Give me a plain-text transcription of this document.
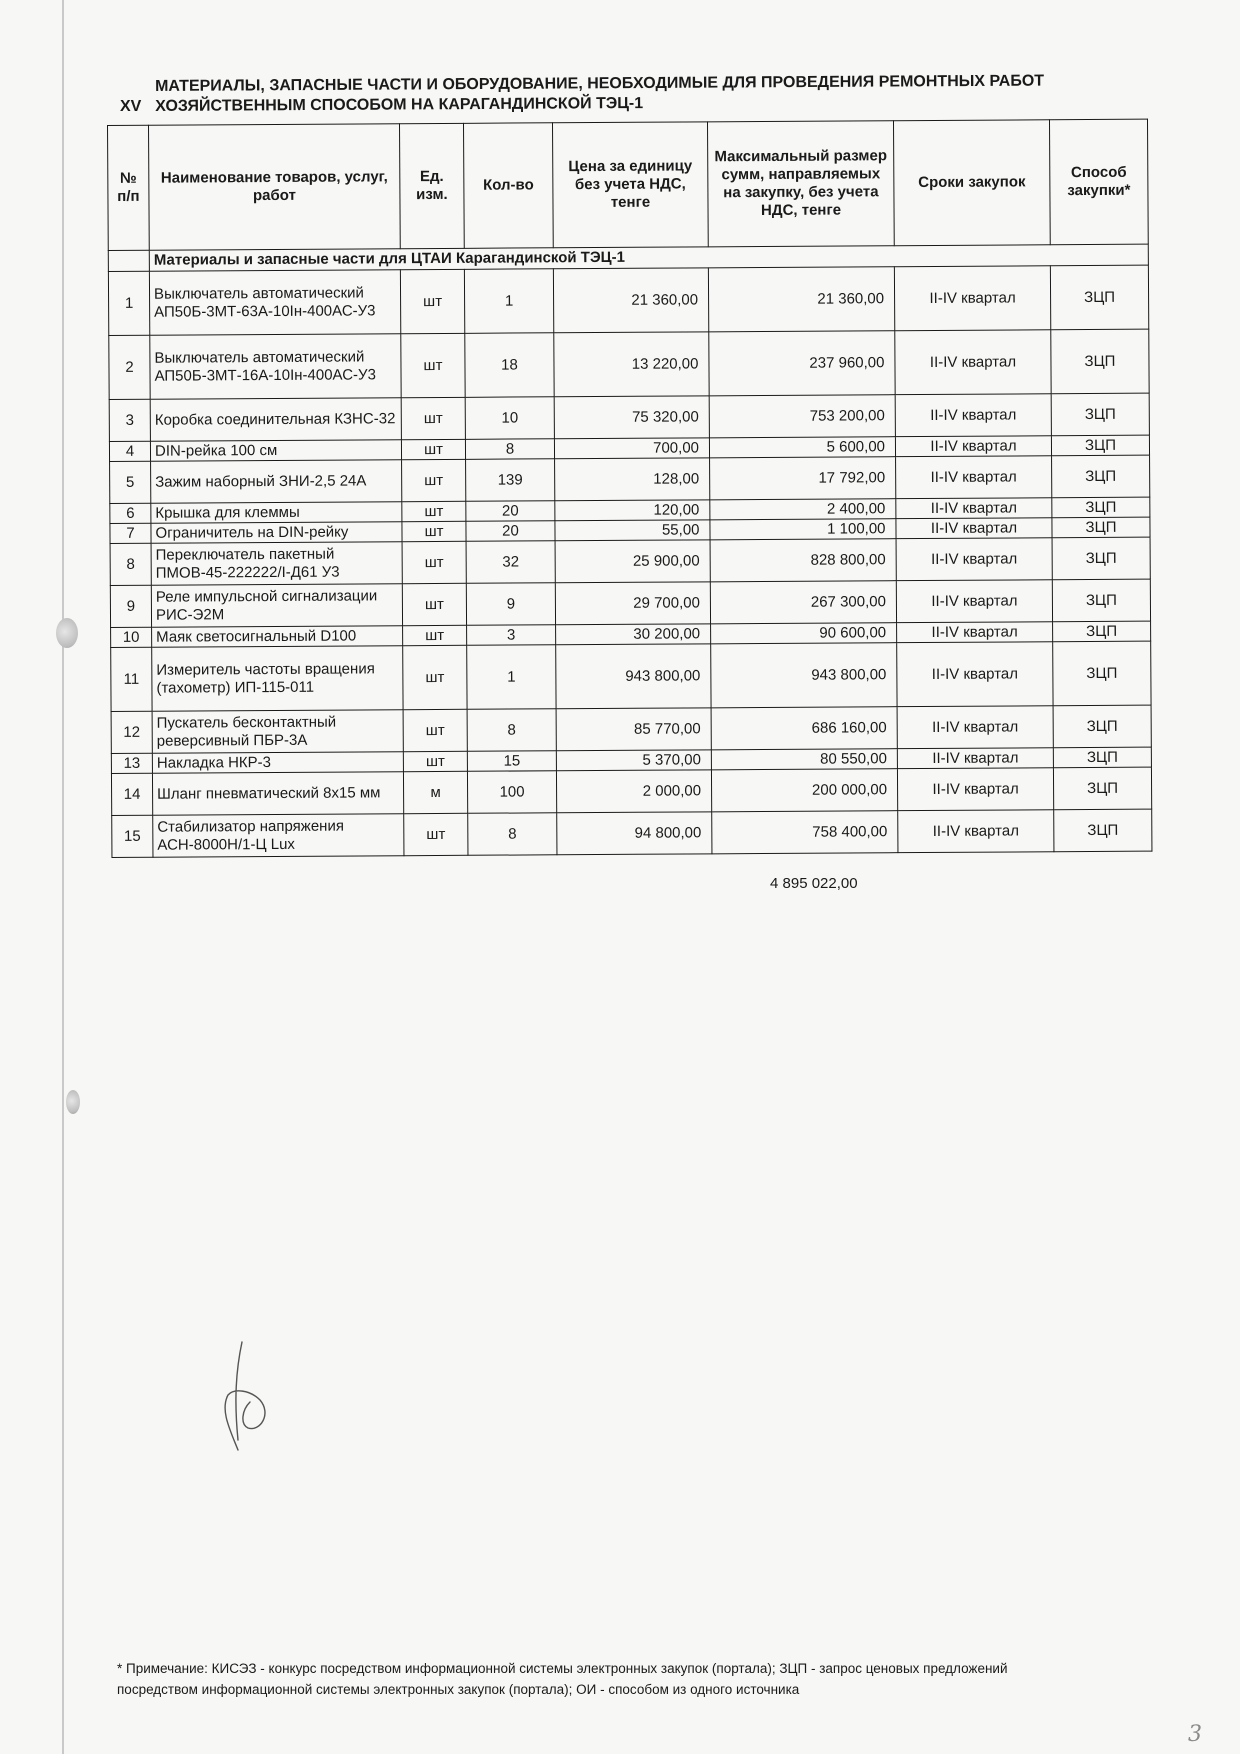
XV
МАТЕРИАЛЫ, ЗАПАСНЫЕ ЧАСТИ И ОБОРУДОВАНИЕ, НЕОБХОДИМЫЕ ДЛЯ ПРОВЕДЕНИЯ РЕМОНТНЫХ РАБОТ
ХОЗЯЙСТВЕННЫМ СПОСОБОМ НА КАРАГАНДИНСКОЙ ТЭЦ-1
№ п/п	Наименование товаров, услуг, работ	Ед. изм.	Кол-во	Цена за единицу без учета НДС, тенге	Максимальный размер сумм, направляемых на закупку, без учета НДС, тенге	Сроки закупок	Способ закупки*
	Материалы и запасные части для ЦТАИ Карагандинской ТЭЦ-1						
1	Выключатель автоматический АП50Б-3МТ-63А-10Iн-400АС-У3	шт	1	21 360,00	21 360,00	II-IV квартал	ЗЦП
2	Выключатель автоматический АП50Б-3МТ-16А-10Iн-400АС-У3	шт	18	13 220,00	237 960,00	II-IV квартал	ЗЦП
3	Коробка соединительная КЗНС-32	шт	10	75 320,00	753 200,00	II-IV квартал	ЗЦП
4	DIN-рейка 100 см	шт	8	700,00	5 600,00	II-IV квартал	ЗЦП
5	Зажим наборный ЗНИ-2,5 24А	шт	139	128,00	17 792,00	II-IV квартал	ЗЦП
6	Крышка для клеммы	шт	20	120,00	2 400,00	II-IV квартал	ЗЦП
7	Ограничитель на DIN-рейку	шт	20	55,00	1 100,00	II-IV квартал	ЗЦП
8	Переключатель пакетный ПМОВ-45-222222/I-Д61 У3	шт	32	25 900,00	828 800,00	II-IV квартал	ЗЦП
9	Реле импульсной сигнализации РИС-Э2М	шт	9	29 700,00	267 300,00	II-IV квартал	ЗЦП
10	Маяк светосигнальный D100	шт	3	30 200,00	90 600,00	II-IV квартал	ЗЦП
11	Измеритель частоты вращения (тахометр) ИП-115-011	шт	1	943 800,00	943 800,00	II-IV квартал	ЗЦП
12	Пускатель бесконтактный реверсивный ПБР-3А	шт	8	85 770,00	686 160,00	II-IV квартал	ЗЦП
13	Накладка НКР-3	шт	15	5 370,00	80 550,00	II-IV квартал	ЗЦП
14	Шланг пневматический 8х15 мм	м	100	2 000,00	200 000,00	II-IV квартал	ЗЦП
15	Стабилизатор напряжения АСН-8000Н/1-Ц Lux	шт	8	94 800,00	758 400,00	II-IV квартал	ЗЦП
4 895 022,00
* Примечание: КИСЭЗ - конкурс посредством информационной системы электронных закупок (портала); ЗЦП - запрос ценовых предложений посредством информационной системы электронных закупок (портала); ОИ - способом из одного источника
3
